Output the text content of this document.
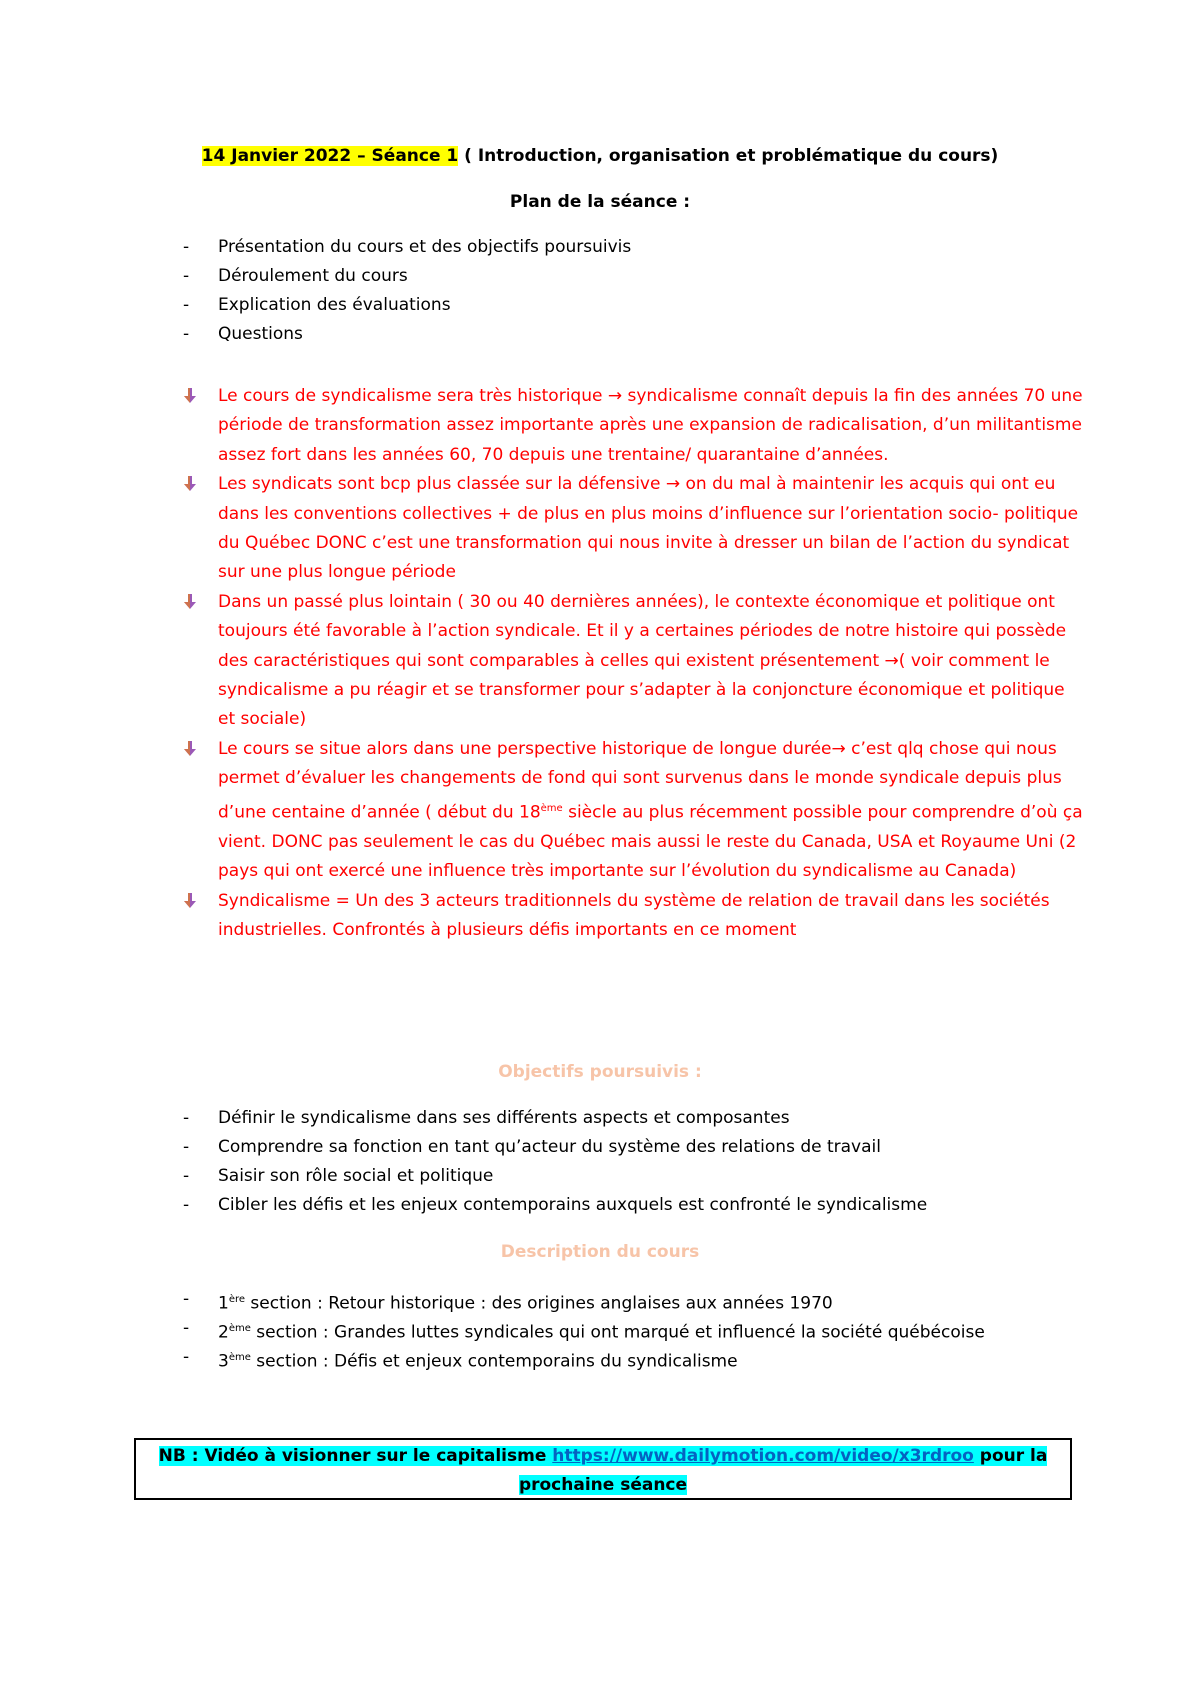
14 Janvier 2022 – Séance 1 ( Introduction, organisation et problématique du cours)
Plan de la séance :
- Présentation du cours et des objectifs poursuivis
- Déroulement du cours
- Explication des évaluations
- Questions
Le cours de syndicalisme sera très historique → syndicalisme connaît depuis la fin des années 70 une période de transformation assez importante après une expansion de radicalisation, d’un militantisme assez fort dans les années 60, 70 depuis une trentaine/ quarantaine d’années.
Les syndicats sont bcp plus classée sur la défensive → on du mal à maintenir les acquis qui ont eu dans les conventions collectives + de plus en plus moins d’influence sur l’orientation socio- politique du Québec DONC c’est une transformation qui nous invite à dresser un bilan de l’action du syndicat sur une plus longue période
Dans un passé plus lointain ( 30 ou 40 dernières années), le contexte économique et politique ont toujours été favorable à l’action syndicale. Et il y a certaines périodes de notre histoire qui possède des caractéristiques qui sont comparables à celles qui existent présentement →( voir comment le syndicalisme a pu réagir et se transformer pour s’adapter à la conjoncture économique et politique et sociale)
Le cours se situe alors dans une perspective historique de longue durée→ c’est qlq chose qui nous permet d’évaluer les changements de fond qui sont survenus dans le monde syndicale depuis plus d’une centaine d’année ( début du 18ème siècle au plus récemment possible pour comprendre d’où ça vient. DONC pas seulement le cas du Québec mais aussi le reste du Canada, USA et Royaume Uni (2 pays qui ont exercé une influence très importante sur l’évolution du syndicalisme au Canada)
Syndicalisme = Un des 3 acteurs traditionnels du système de relation de travail dans les sociétés industrielles. Confrontés à plusieurs défis importants en ce moment
Objectifs poursuivis :
- Définir le syndicalisme dans ses différents aspects et composantes
- Comprendre sa fonction en tant qu’acteur du système des relations de travail
- Saisir son rôle social et politique
- Cibler les défis et les enjeux contemporains auxquels est confronté le syndicalisme
Description du cours
- 1ère section : Retour historique : des origines anglaises aux années 1970
- 2ème section : Grandes luttes syndicales qui ont marqué et influencé la société québécoise
- 3ème section : Défis et enjeux contemporains du syndicalisme
NB : Vidéo à visionner sur le capitalisme https://www.dailymotion.com/video/x3rdroo pour la prochaine séance
